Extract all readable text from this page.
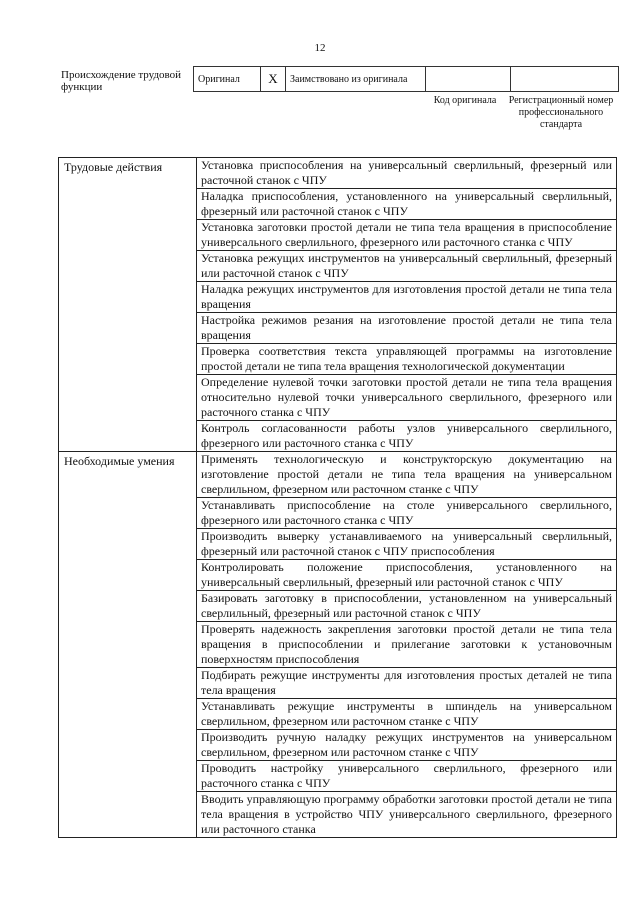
12
Происхождение трудовой функции
Оригинал	X	Заимствовано из оригинала		
Код оригинала	Регистрационный номер профессионального стандарта
Трудовые действия	Установка приспособления на универсальный сверлильный, фрезерный или расточной станок с ЧПУ
	Наладка приспособления, установленного на универсальный сверлильный, фрезерный или расточной станок с ЧПУ
	Установка заготовки простой детали не типа тела вращения в приспособление универсального сверлильного, фрезерного или расточного станка с ЧПУ
	Установка режущих инструментов на универсальный сверлильный, фрезерный или расточной станок с ЧПУ
	Наладка режущих инструментов для изготовления простой детали не типа тела вращения
	Настройка режимов резания на изготовление простой детали не типа тела вращения
	Проверка соответствия текста управляющей программы на изготовление простой детали не типа тела вращения технологической документации
	Определение нулевой точки заготовки простой детали не типа тела вращения относительно нулевой точки универсального сверлильного, фрезерного или расточного станка с ЧПУ
	Контроль согласованности работы узлов универсального сверлильного, фрезерного или расточного станка с ЧПУ
Необходимые умения	Применять технологическую и конструкторскую документацию на изготовление простой детали не типа тела вращения на универсальном сверлильном, фрезерном или расточном станке с ЧПУ
	Устанавливать приспособление на столе универсального сверлильного, фрезерного или расточного станка с ЧПУ
	Производить выверку устанавливаемого на универсальный сверлильный, фрезерный или расточной станок с ЧПУ приспособления
	Контролировать положение приспособления, установленного на универсальный сверлильный, фрезерный или расточной станок с ЧПУ
	Базировать заготовку в приспособлении, установленном на универсальный сверлильный, фрезерный или расточной станок с ЧПУ
	Проверять надежность закрепления заготовки простой детали не типа тела вращения в приспособлении и прилегание заготовки к установочным поверхностям приспособления
	Подбирать режущие инструменты для изготовления простых деталей не типа тела вращения
	Устанавливать режущие инструменты в шпиндель на универсальном сверлильном, фрезерном или расточном станке с ЧПУ
	Производить ручную наладку режущих инструментов на универсальном сверлильном, фрезерном или расточном станке с ЧПУ
	Проводить настройку универсального сверлильного, фрезерного или расточного станка с ЧПУ
	Вводить управляющую программу обработки заготовки простой детали не типа тела вращения в устройство ЧПУ универсального сверлильного, фрезерного или расточного станка
